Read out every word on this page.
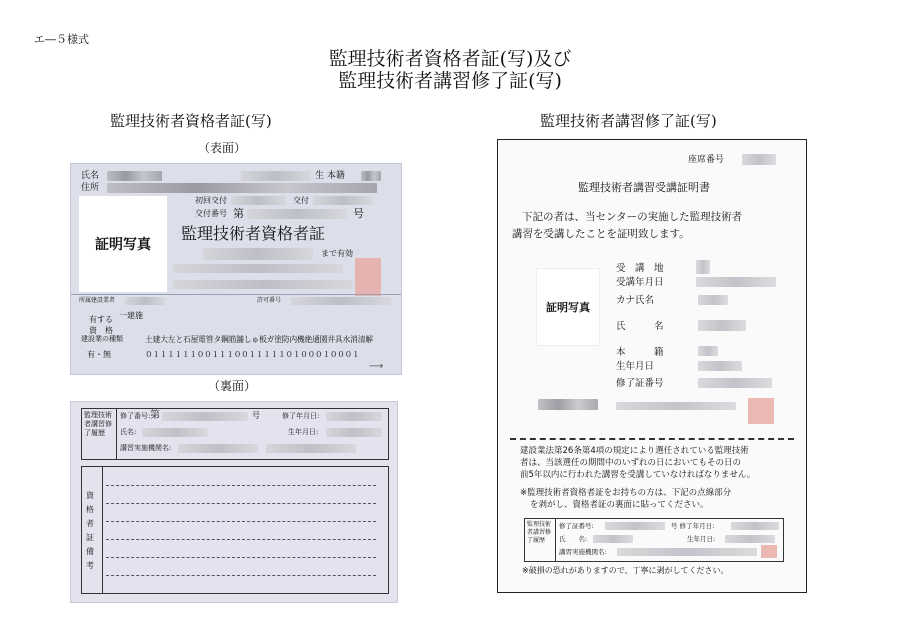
エ―５様式
監理技術者資格者証(写)及び
監理技術者講習修了証(写)
監理技術者資格者証(写)	監理技術者講習修了証(写)
（表面）
氏名	生 本籍
住所
初回交付	交付
交付番号 第	号
証明写真
監理技術者資格者証
まで有効
所属建設業者	許可番号
有する
資　格
一建施
建設業の種類	土建大左と石屋電管タ鋼筋舗しゅ板ガ塗防内機絶通園井具水消清解
有・無	０１１１１１１００１１１００１１１１１０１０００１０００１
⟶
（裏面）
監理技術者講習修了履歴
修了番号: 第	号	修了年月日:
氏名:	生年月日:
講習実施機関名:
資格者証備考
座席番号
監理技術者講習受講証明書
下記の者は、当センターの実施した監理技術者
講習を受講したことを証明致します。
証明写真
受　講　地
受講年月日
カナ氏名
氏　　　名
本　　　籍
生年月日
修了証番号
建設業法第26条第4項の規定により選任されている監理技術
者は、当該選任の期間中のいずれの日においてもその日の
前5年以内に行われた講習を受講していなければなりません。
※監理技術者資格者証をお持ちの方は、下記の点線部分
を剥がし、資格者証の裏面に貼ってください。
監理技術者講習修了履歴
修了証番号:	号 修了年月日:
氏　　名:	生年月日:
講習実施機関名:
※破損の恐れがありますので、丁寧に剥がしてください。
